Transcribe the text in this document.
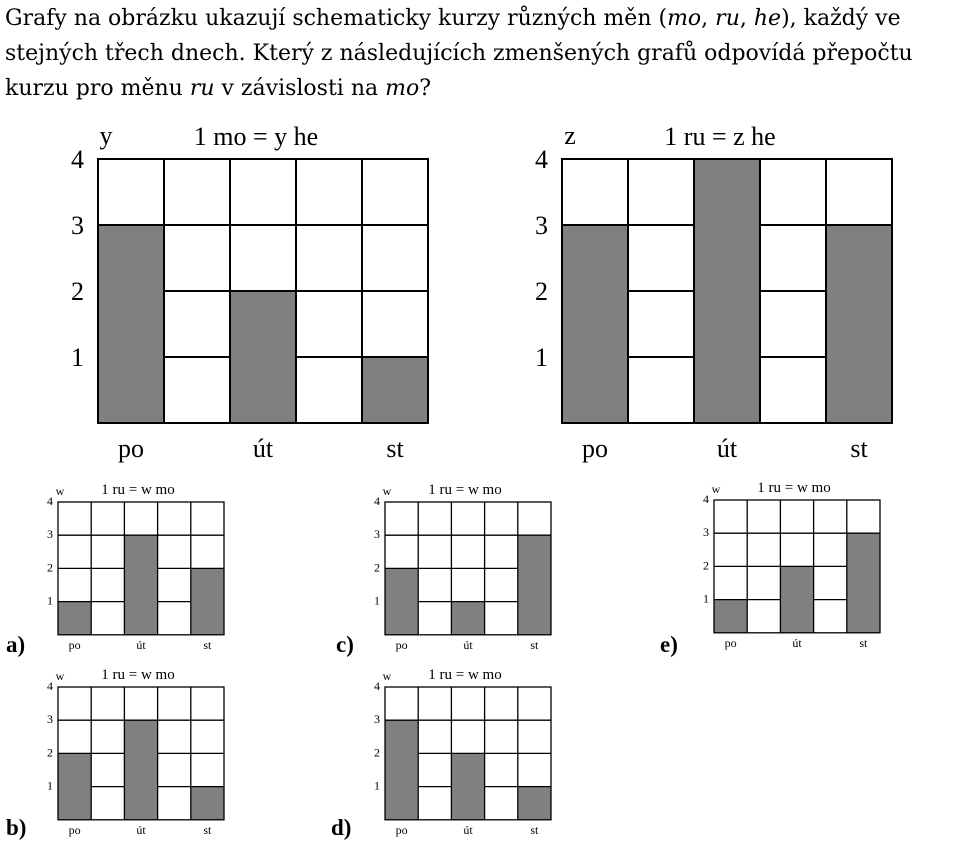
Grafy na obrázku ukazují schematicky kurzy různých měn (mo, ru, he), každý ve stejných třech dnech. Který z následujících zmenšených grafů odpovídá přepočtu kurzu pro měnu ru v závislosti na mo?
1
2
3
4
y	1 mo = y he
po	út	st
1
2
3
4
z	1 ru = z he
po	út	st
1
2
3
4
w 1 ru = w mo
po	út	st
1
2
3
4
w 1 ru = w mo
po	út	st
1
2
3
4
w 1 ru = w mo
po	út	st
1
2
3
4
w 1 ru = w mo
po	út	st
1
2
3
4
w 1 ru = w mo
po	út	st
a)
b)
c)
d)
e)
